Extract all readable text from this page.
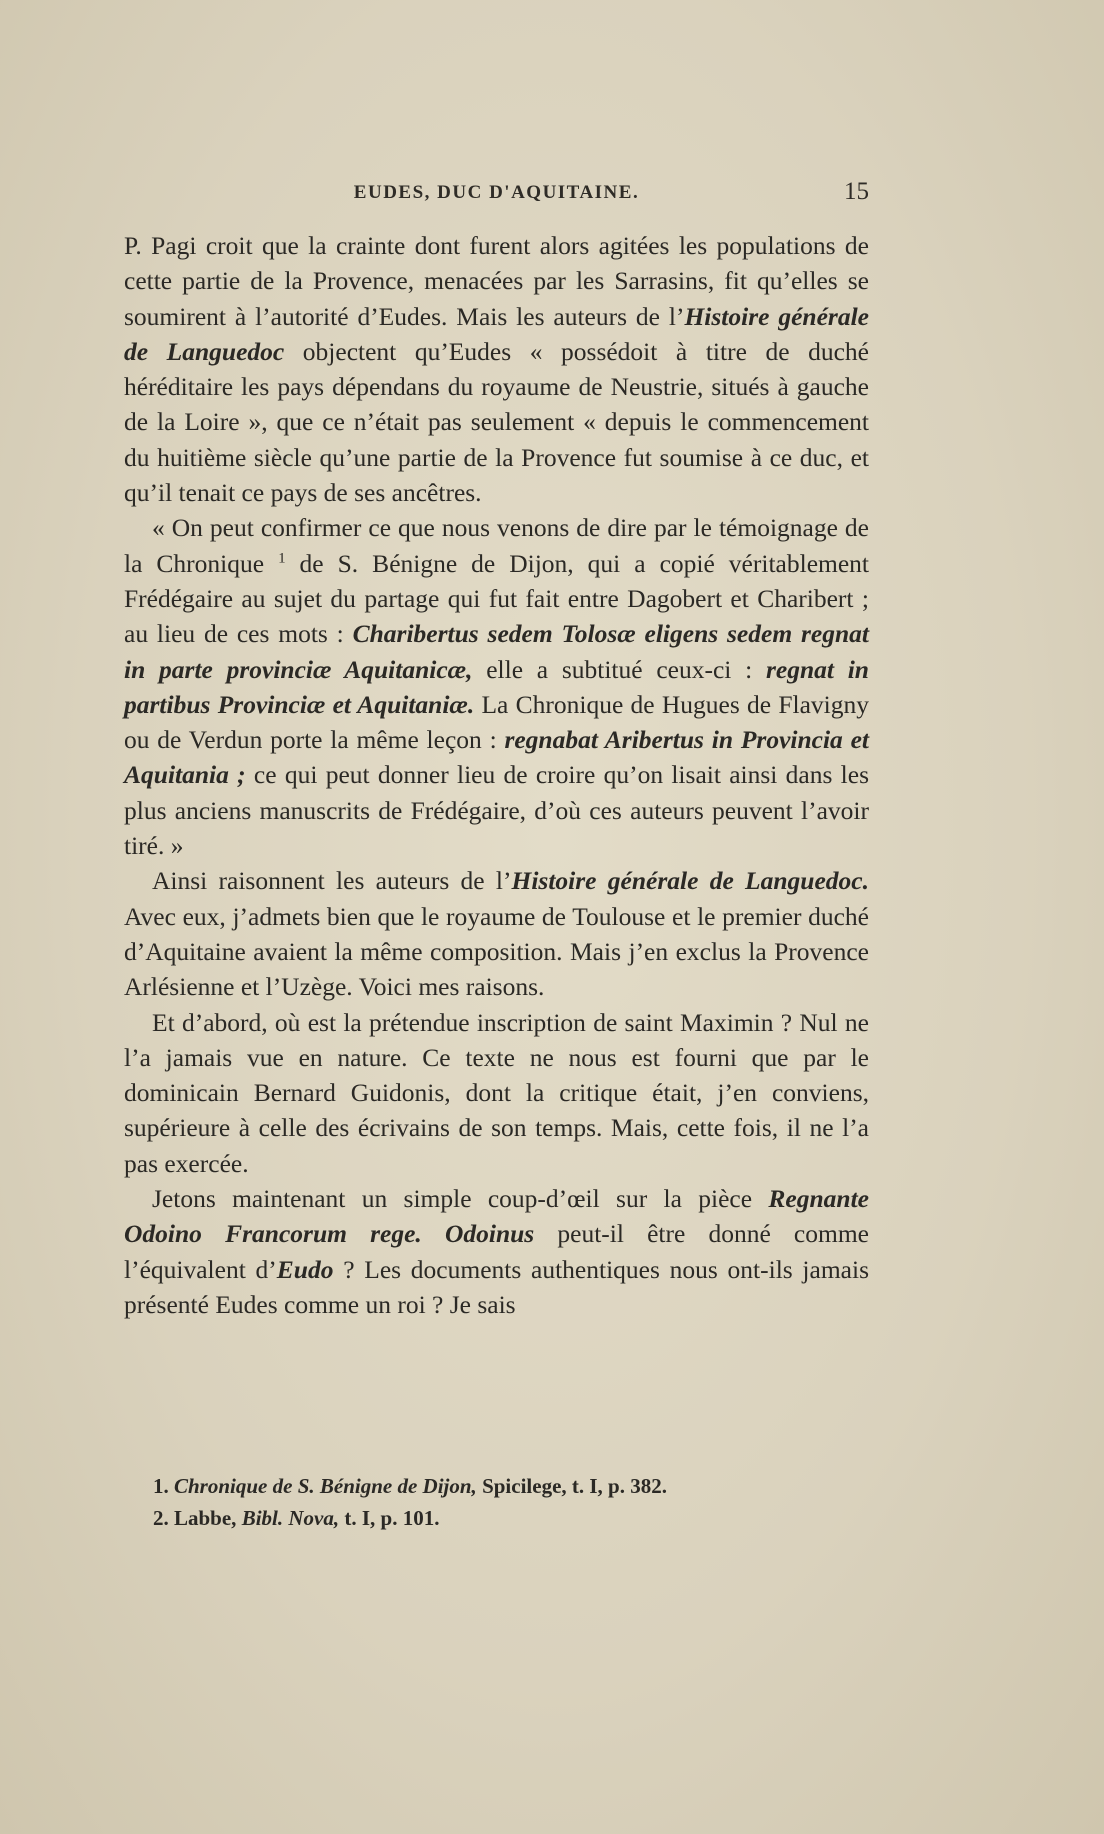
EUDES, DUC D'AQUITAINE.	15

P. Pagi croit que la crainte dont furent alors agitées les populations de cette partie de la Provence, menacées par les Sarrasins, fit qu’elles se soumirent à l’autorité d’Eudes. Mais les auteurs de l’Histoire générale de Languedoc objectent qu’Eudes « possédoit à titre de duché héréditaire les pays dépendans du royaume de Neustrie, situés à gauche de la Loire », que ce n’était pas seulement « depuis le commencement du huitième siècle qu’une partie de la Provence fut soumise à ce duc, et qu’il tenait ce pays de ses ancêtres.

« On peut confirmer ce que nous venons de dire par le témoignage de la Chronique $^1$ de S. Bénigne de Dijon, qui a copié véritablement Frédégaire au sujet du partage qui fut fait entre Dagobert et Charibert ; au lieu de ces mots : Charibertus sedem Tolosæ eligens sedem regnat in parte provinciæ Aquitanicæ, elle a subtitué ceux-ci : regnat in partibus Provinciæ et Aquitaniæ. La Chronique de Hugues de Flavigny ou de Verdun porte la même leçon : regnabat Aribertus in Provincia et Aquitania ; ce qui peut donner lieu de croire qu’on lisait ainsi dans les plus anciens manuscrits de Frédégaire, d’où ces auteurs peuvent l’avoir tiré. »

Ainsi raisonnent les auteurs de l’Histoire générale de Languedoc. Avec eux, j’admets bien que le royaume de Toulouse et le premier duché d’Aquitaine avaient la même composition. Mais j’en exclus la Provence Arlésienne et l’Uzège. Voici mes raisons.

Et d’abord, où est la prétendue inscription de saint Maximin ? Nul ne l’a jamais vue en nature. Ce texte ne nous est fourni que par le dominicain Bernard Guidonis, dont la critique était, j’en conviens, supérieure à celle des écrivains de son temps. Mais, cette fois, il ne l’a pas exercée.

Jetons maintenant un simple coup-d’œil sur la pièce Regnante Odoino Francorum rege. Odoinus peut-il être donné comme l’équivalent d’Eudo ? Les documents authentiques nous ont-ils jamais présenté Eudes comme un roi ? Je sais

1. Chronique de S. Bénigne de Dijon, Spicilege, t. I, p. 382.

2. Labbe, Bibl. Nova, t. I, p. 101.
